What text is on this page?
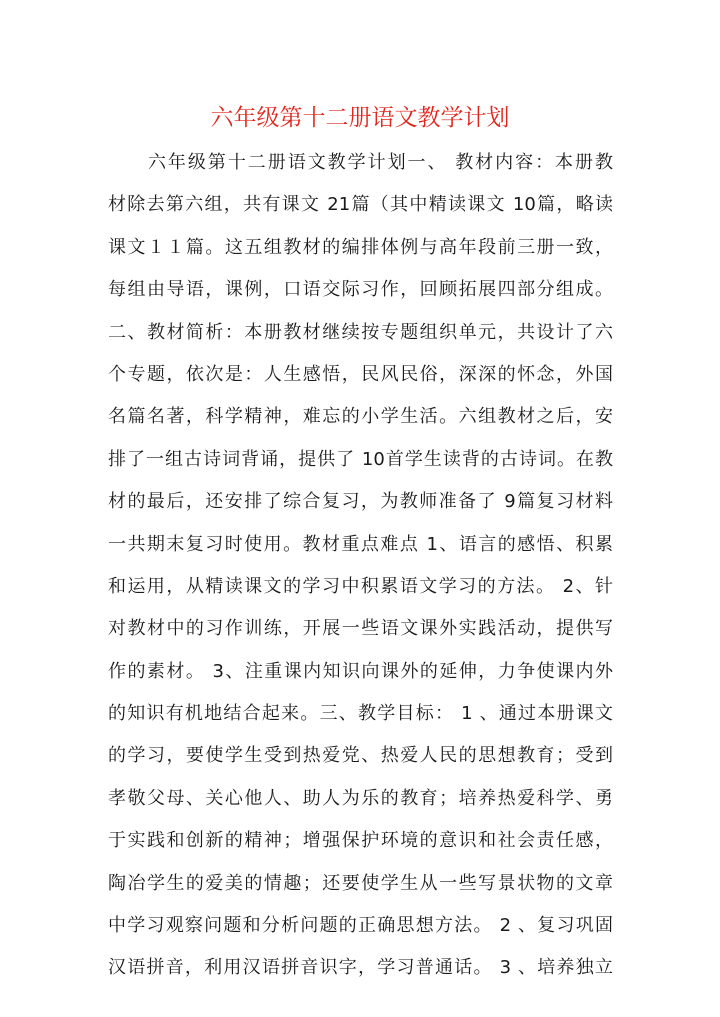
六年级第十二册语文教学计划
　　六年级第十二册语文教学计划一、 教材内容：本册教
材除去第六组，共有课文 21篇（其中精读课文 10篇，略读
课文１１篇。这五组教材的编排体例与高年段前三册一致，
每组由导语，课例，口语交际习作，回顾拓展四部分组成。
二、教材简析：本册教材继续按专题组织单元，共设计了六
个专题，依次是：人生感悟，民风民俗，深深的怀念，外国
名篇名著，科学精神，难忘的小学生活。六组教材之后，安
排了一组古诗词背诵，提供了 10首学生读背的古诗词。在教
材的最后，还安排了综合复习，为教师准备了 9篇复习材料
一共期末复习时使用。教材重点难点 1、语言的感悟、积累
和运用，从精读课文的学习中积累语文学习的方法。 2、针
对教材中的习作训练，开展一些语文课外实践活动，提供写
作的素材。 3、注重课内知识向课外的延伸，力争使课内外
的知识有机地结合起来。三、教学目标： 1 、通过本册课文
的学习，要使学生受到热爱党、热爱人民的思想教育；受到
孝敬父母、关心他人、助人为乐的教育；培养热爱科学、勇
于实践和创新的精神；增强保护环境的意识和社会责任感，
陶冶学生的爱美的情趣；还要使学生从一些写景状物的文章
中学习观察问题和分析问题的正确思想方法。 2 、复习巩固
汉语拼音，利用汉语拼音识字，学习普通话。 3 、培养独立
